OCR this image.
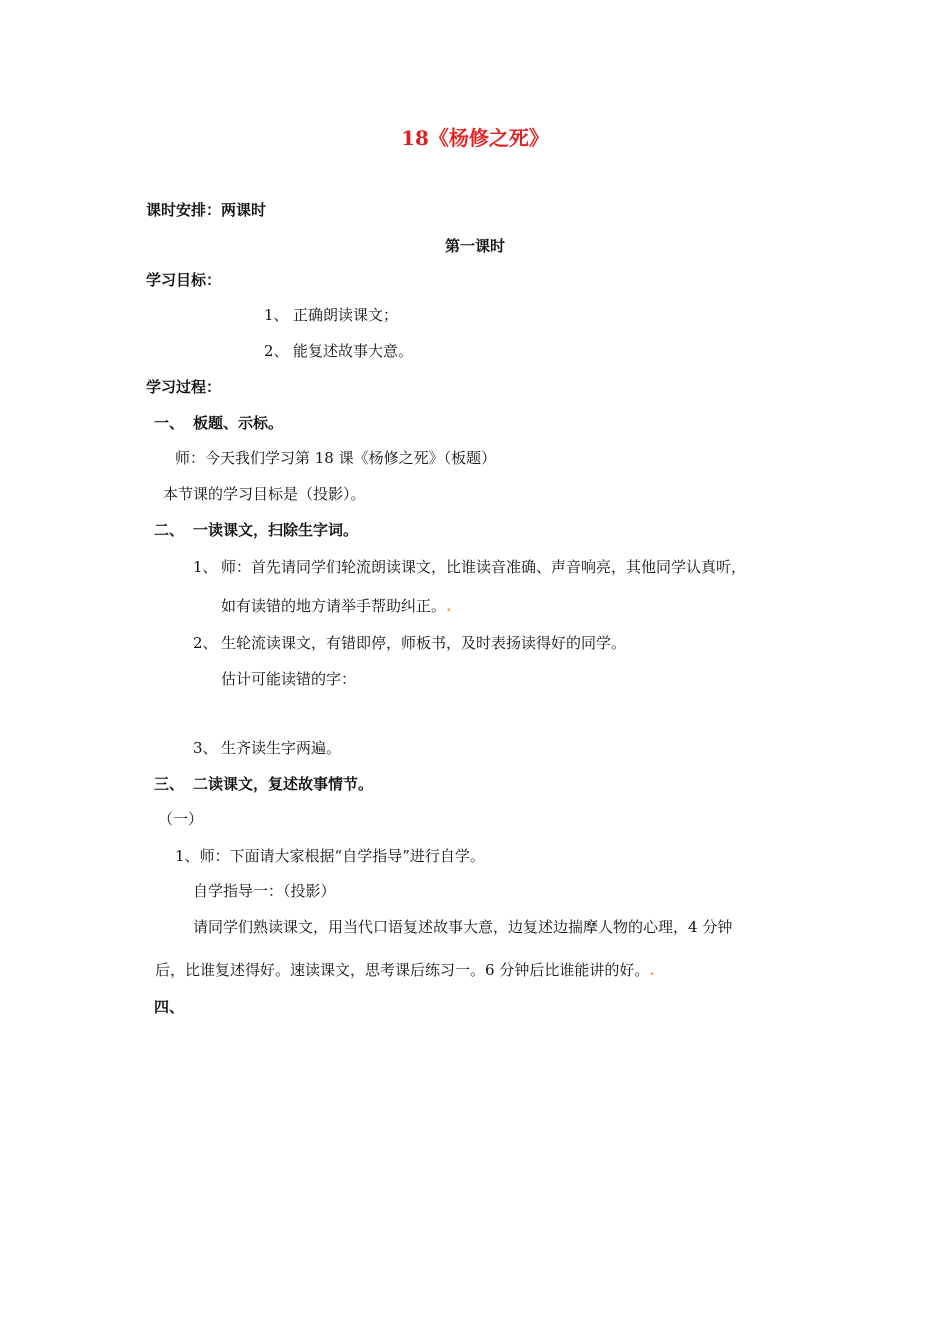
18《杨修之死》
课时安排：两课时
第一课时
学习目标：
1、 正确朗读课文；
2、 能复述故事大意。
学习过程：
一、 板题、示标。
师：今天我们学习第 18 课《杨修之死》（板题）
本节课的学习目标是（投影）。
二、 一读课文，扫除生字词。
1、 师：首先请同学们轮流朗读课文，比谁读音准确、声音响亮，其他同学认真听，
如有读错的地方请举手帮助纠正。.
2、 生轮流读课文，有错即停，师板书，及时表扬读得好的同学。
估计可能读错的字：
3、 生齐读生字两遍。
三、 二读课文，复述故事情节。
（一）
1、师：下面请大家根据“自学指导”进行自学。
自学指导一：（投影）
请同学们熟读课文，用当代口语复述故事大意，边复述边揣摩人物的心理，4 分钟
后，比谁复述得好。速读课文，思考课后练习一。6 分钟后比谁能讲的好。.
四、
